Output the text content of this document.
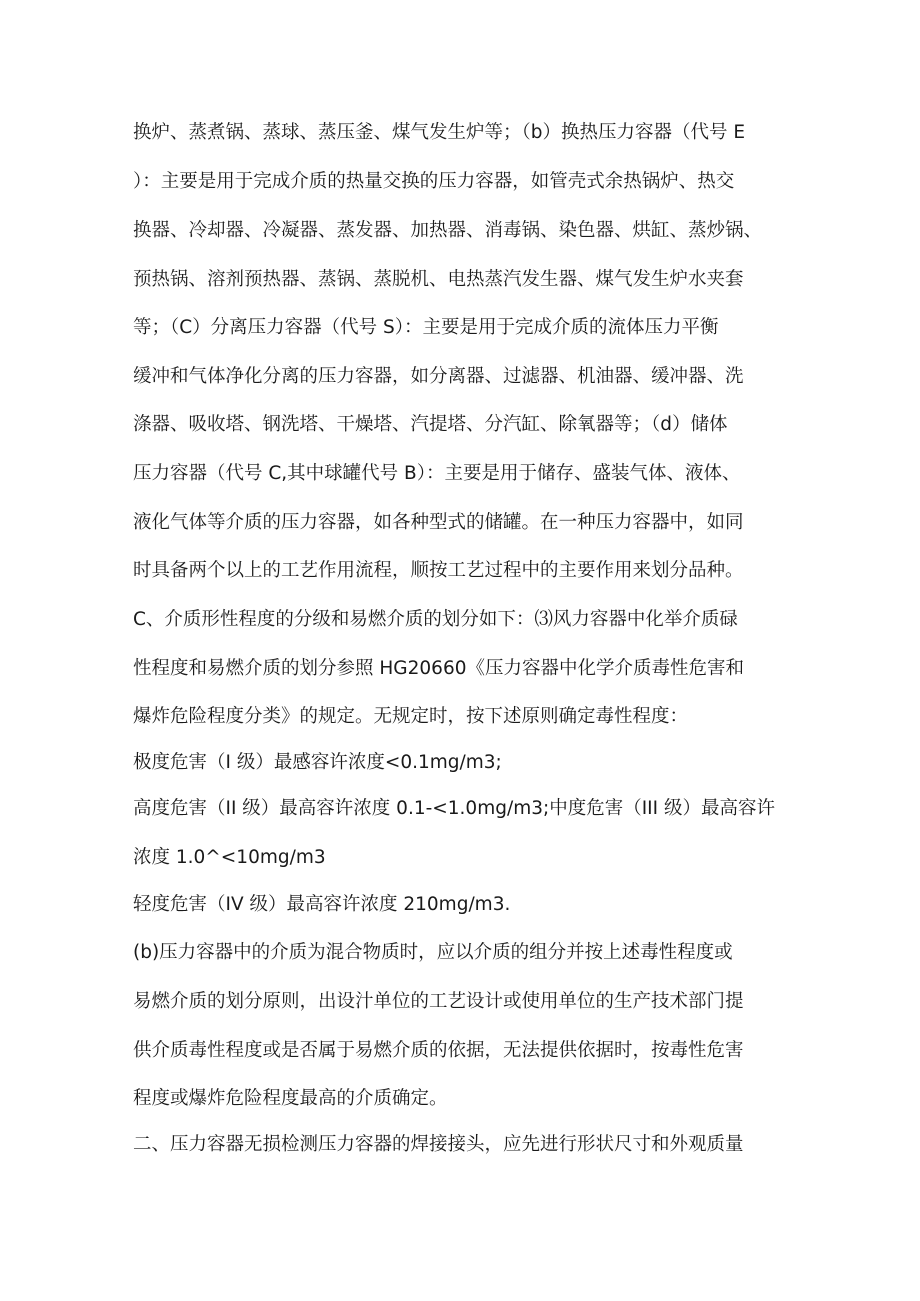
换炉、蒸煮锅、蒸球、蒸压釜、煤气发生炉等；（b）换热压力容器（代号 E
）：主要是用于完成介质的热量交换的压力容器，如管壳式余热锅炉、热交
换器、冷却器、冷凝器、蒸发器、加热器、消毒锅、染色器、烘缸、蒸炒锅、
预热锅、溶剂预热器、蒸锅、蒸脱机、电热蒸汽发生器、煤气发生炉水夹套
等；（C）分离压力容器（代号 S）：主要是用于完成介质的流体压力平衡
缓冲和气体净化分离的压力容器，如分离器、过滤器、机油器、缓冲器、洗
涤器、吸收塔、钢洗塔、干燥塔、汽提塔、分汽缸、除氧器等；（d）储体
压力容器（代号 C,其中球罐代号 B）：主要是用于储存、盛装气体、液体、
液化气体等介质的压力容器，如各种型式的储罐。在一种压力容器中，如同
时具备两个以上的工艺作用流程，顺按工艺过程中的主要作用来划分品种。
C、介质形性程度的分级和易燃介质的划分如下：⑶风力容器中化举介质碌
性程度和易燃介质的划分参照 HG20660《压力容器中化学介质毒性危害和
爆炸危险程度分类》的规定。无规定时，按下述原则确定毒性程度：
极度危害（I 级）最感容许浓度<0.1mg∕m3;
高度危害（II 级）最高容许浓度 0.1-<1.0mg∕m3;中度危害（III 级）最高容许
浓度 1.0^<10mg∕m3
轻度危害（IV 级）最高容许浓度 210mg∕m3.
(b)压力容器中的介质为混合物质时，应以介质的组分并按上述毒性程度或
易燃介质的划分原则，出设汁单位的工艺设计或使用单位的生产技术部门提
供介质毒性程度或是否属于易燃介质的依据，无法提供依据时，按毒性危害
程度或爆炸危险程度最高的介质确定。
二、压力容器无损检测压力容器的焊接接头，应先进行形状尺寸和外观质量
